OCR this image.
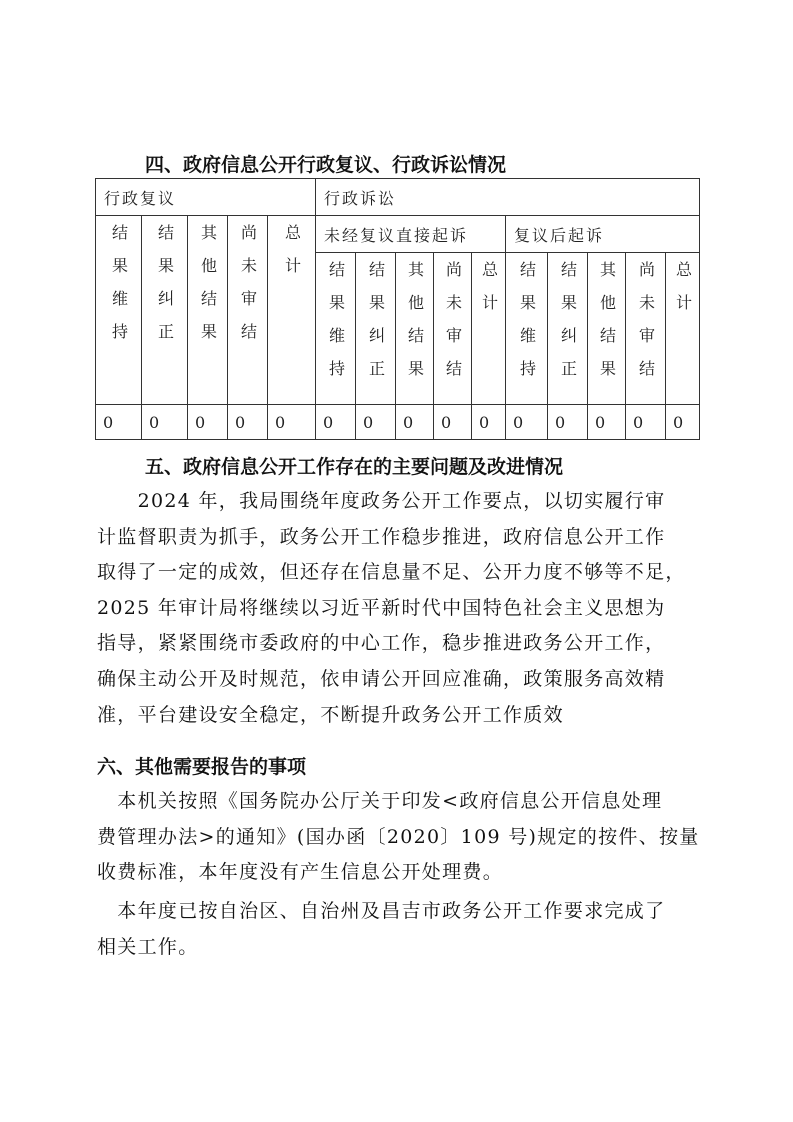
四、政府信息公开行政复议、行政诉讼情况
行政复议					行政诉讼									
结果维持	结果纠正	其他结果	尚未审结	总计	未经复议直接起诉					复议后起诉				
					结果维持	结果纠正	其他结果	尚未审结	总计	结果维持	结果纠正	其他结果	尚未审结	总计
0	0	0	0	0	0	0	0	0	0	0	0	0	0	0
五、政府信息公开工作存在的主要问题及改进情况
　　2024 年，我局围绕年度政务公开工作要点，以切实履行审
计监督职责为抓手，政务公开工作稳步推进，政府信息公开工作
取得了一定的成效，但还存在信息量不足、公开力度不够等不足，
2025 年审计局将继续以习近平新时代中国特色社会主义思想为
指导，紧紧围绕市委政府的中心工作，稳步推进政务公开工作，
确保主动公开及时规范，依申请公开回应准确，政策服务高效精
准，平台建设安全稳定，不断提升政务公开工作质效
六、其他需要报告的事项
　本机关按照《国务院办公厅关于印发<政府信息公开信息处理
费管理办法>的通知》(国办函〔2020〕109 号)规定的按件、按量
收费标准，本年度没有产生信息公开处理费。
　本年度已按自治区、自治州及昌吉市政务公开工作要求完成了
相关工作。
